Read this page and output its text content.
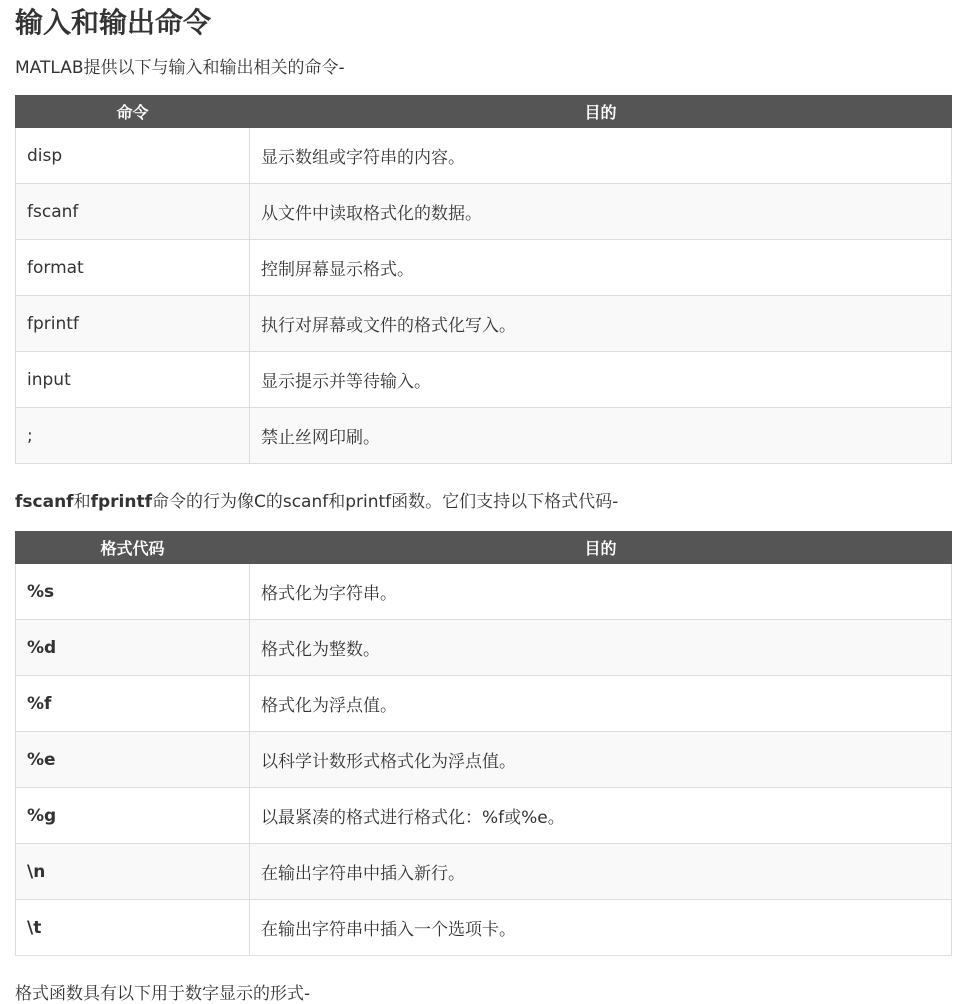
输入和输出命令

MATLAB提供以下与输入和输出相关的命令-

命令	目的
disp	显示数组或字符串的内容。
fscanf	从文件中读取格式化的数据。
format	控制屏幕显示格式。
fprintf	执行对屏幕或文件的格式化写入。
input	显示提示并等待输入。
;	禁止丝网印刷。

fscanf和fprintf命令的行为像C的scanf和printf函数。它们支持以下格式代码-

格式代码	目的
%s	格式化为字符串。
%d	格式化为整数。
%f	格式化为浮点值。
%e	以科学计数形式格式化为浮点值。
%g	以最紧凑的格式进行格式化：%f或%e。
\n	在输出字符串中插入新行。
\t	在输出字符串中插入一个选项卡。

格式函数具有以下用于数字显示的形式-
